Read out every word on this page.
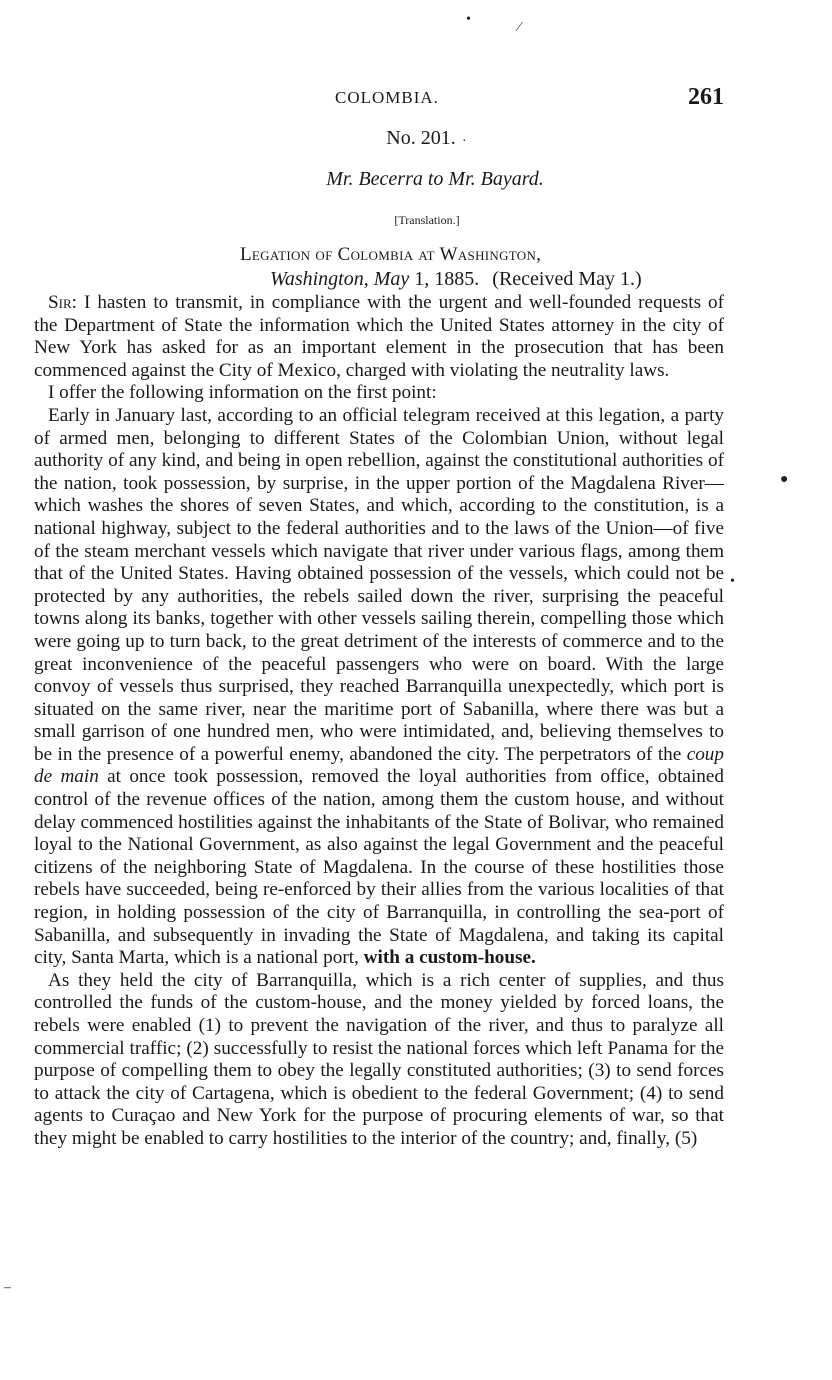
•
⁄
·
●
•
‒
COLOMBIA.	261
No. 201.
Mr. Becerra to Mr. Bayard.
[Translation.]
Legation of Colombia at Washington,
Washington, May 1, 1885. (Received May 1.)

Sir: I hasten to transmit, in compliance with the urgent and well-founded requests of the Department of State the information which the United States attorney in the city of New York has asked for as an important element in the prosecution that has been commenced against the City of Mexico, charged with violating the neutrality laws.

I offer the following information on the first point:

Early in January last, according to an official telegram received at this legation, a party of armed men, belonging to different States of the Colombian Union, without legal authority of any kind, and being in open rebellion, against the constitutional authorities of the nation, took possession, by surprise, in the upper portion of the Magdalena River—which washes the shores of seven States, and which, according to the constitution, is a national highway, subject to the federal authorities and to the laws of the Union—of five of the steam merchant vessels which navigate that river under various flags, among them that of the United States. Having obtained possession of the vessels, which could not be protected by any authorities, the rebels sailed down the river, surprising the peaceful towns along its banks, together with other vessels sailing therein, compelling those which were going up to turn back, to the great detriment of the interests of commerce and to the great inconvenience of the peaceful passengers who were on board. With the large convoy of vessels thus surprised, they reached Barranquilla unexpectedly, which port is situated on the same river, near the maritime port of Sabanilla, where there was but a small garrison of one hundred men, who were intimidated, and, believing themselves to be in the presence of a powerful enemy, abandoned the city. The perpetrators of the coup de main at once took possession, removed the loyal authorities from office, obtained control of the revenue offices of the nation, among them the custom house, and without delay commenced hostilities against the inhabitants of the State of Bolivar, who remained loyal to the National Government, as also against the legal Government and the peaceful citizens of the neighboring State of Magdalena. In the course of these hostilities those rebels have succeeded, being re-enforced by their allies from the various localities of that region, in holding possession of the city of Barranquilla, in controlling the sea-port of Sabanilla, and subsequently in invading the State of Magdalena, and taking its capital city, Santa Marta, which is a national port, with a custom-house.

As they held the city of Barranquilla, which is a rich center of supplies, and thus controlled the funds of the custom-house, and the money yielded by forced loans, the rebels were enabled (1) to prevent the navigation of the river, and thus to paralyze all commercial traffic; (2) successfully to resist the national forces which left Panama for the purpose of compelling them to obey the legally constituted authorities; (3) to send forces to attack the city of Cartagena, which is obedient to the federal Government; (4) to send agents to Curaçao and New York for the purpose of procuring elements of war, so that they might be enabled to carry hostilities to the interior of the country; and, finally, (5)
